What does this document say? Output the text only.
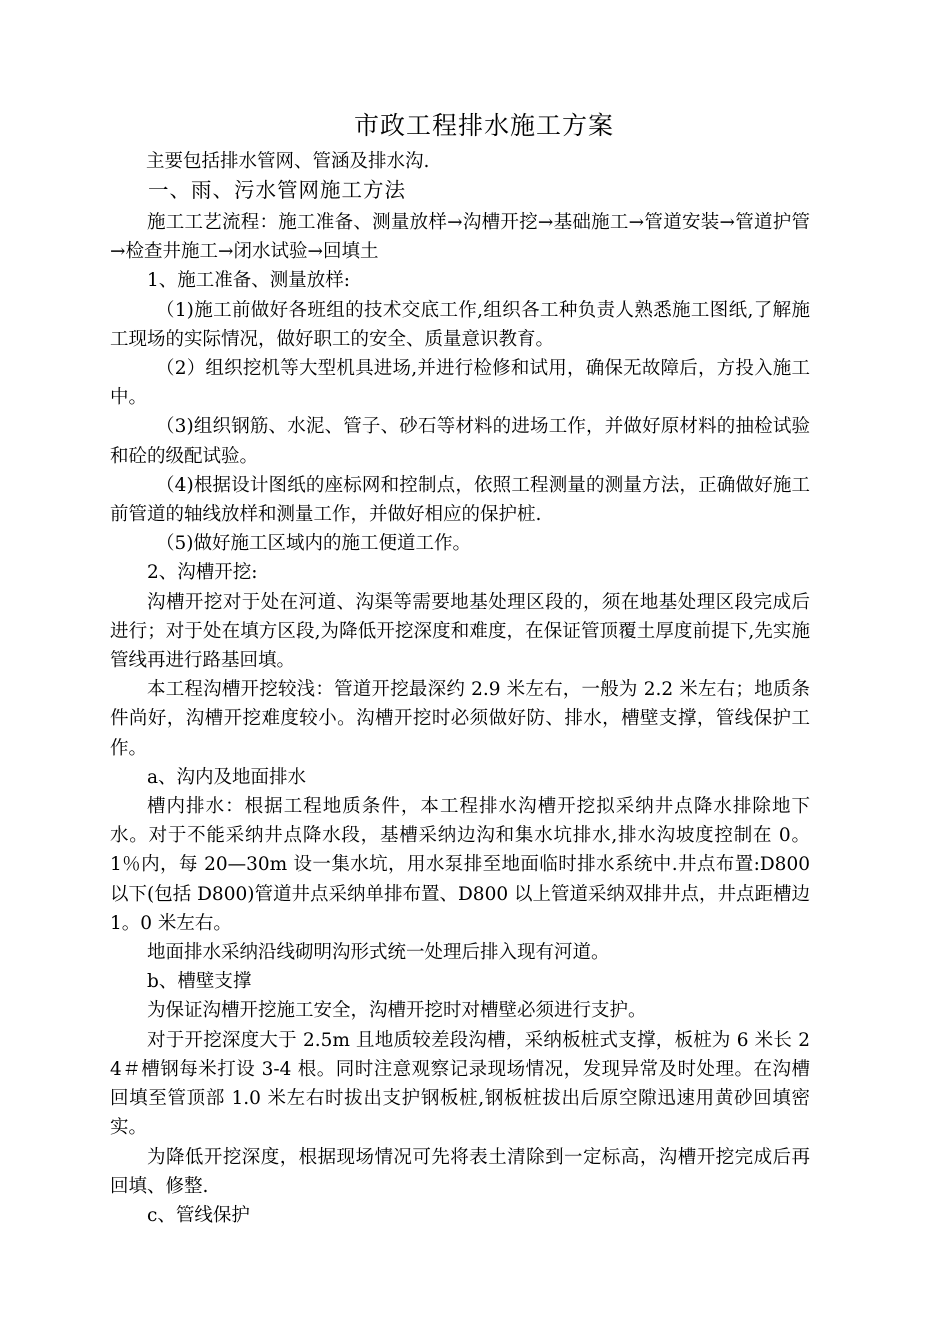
市政工程排水施工方案
主要包括排水管网、管涵及排水沟.
一、雨、污水管网施工方法

施工工艺流程：施工准备、测量放样→沟槽开挖→基础施工→管道安装→管道护管→检查井施工→闭水试验→回填土

1、施工准备、测量放样:

（1)施工前做好各班组的技术交底工作,组织各工种负责人熟悉施工图纸,了解施工现场的实际情况，做好职工的安全、质量意识教育。

（2）组织挖机等大型机具进场,并进行检修和试用，确保无故障后，方投入施工中。

（3)组织钢筋、水泥、管子、砂石等材料的进场工作，并做好原材料的抽检试验和砼的级配试验。

（4)根据设计图纸的座标网和控制点，依照工程测量的测量方法，正确做好施工前管道的轴线放样和测量工作，并做好相应的保护桩.

（5)做好施工区域内的施工便道工作。

2、沟槽开挖:

沟槽开挖对于处在河道、沟渠等需要地基处理区段的，须在地基处理区段完成后进行；对于处在填方区段,为降低开挖深度和难度，在保证管顶覆土厚度前提下,先实施管线再进行路基回填。

本工程沟槽开挖较浅：管道开挖最深约 2.9 米左右，一般为 2.2 米左右；地质条件尚好，沟槽开挖难度较小。沟槽开挖时必须做好防、排水，槽壁支撑，管线保护工作。

a、沟内及地面排水

槽内排水：根据工程地质条件，本工程排水沟槽开挖拟采纳井点降水排除地下水。对于不能采纳井点降水段，基槽采纳边沟和集水坑排水,排水沟坡度控制在 0。1％内，每 20—30m 设一集水坑，用水泵排至地面临时排水系统中.井点布置:D800 以下(包括 D800)管道井点采纳单排布置、D800 以上管道采纳双排井点，井点距槽边 1。0 米左右。

地面排水采纳沿线砌明沟形式统一处理后排入现有河道。

b、槽壁支撑

为保证沟槽开挖施工安全，沟槽开挖时对槽壁必须进行支护。

对于开挖深度大于 2.5m 且地质较差段沟槽，采纳板桩式支撑，板桩为 6 米长 24＃槽钢每米打设 3-4 根。同时注意观察记录现场情况，发现异常及时处理。在沟槽回填至管顶部 1.0 米左右时拔出支护钢板桩,钢板桩拔出后原空隙迅速用黄砂回填密实。

为降低开挖深度，根据现场情况可先将表土清除到一定标高，沟槽开挖完成后再回填、修整.

c、管线保护
